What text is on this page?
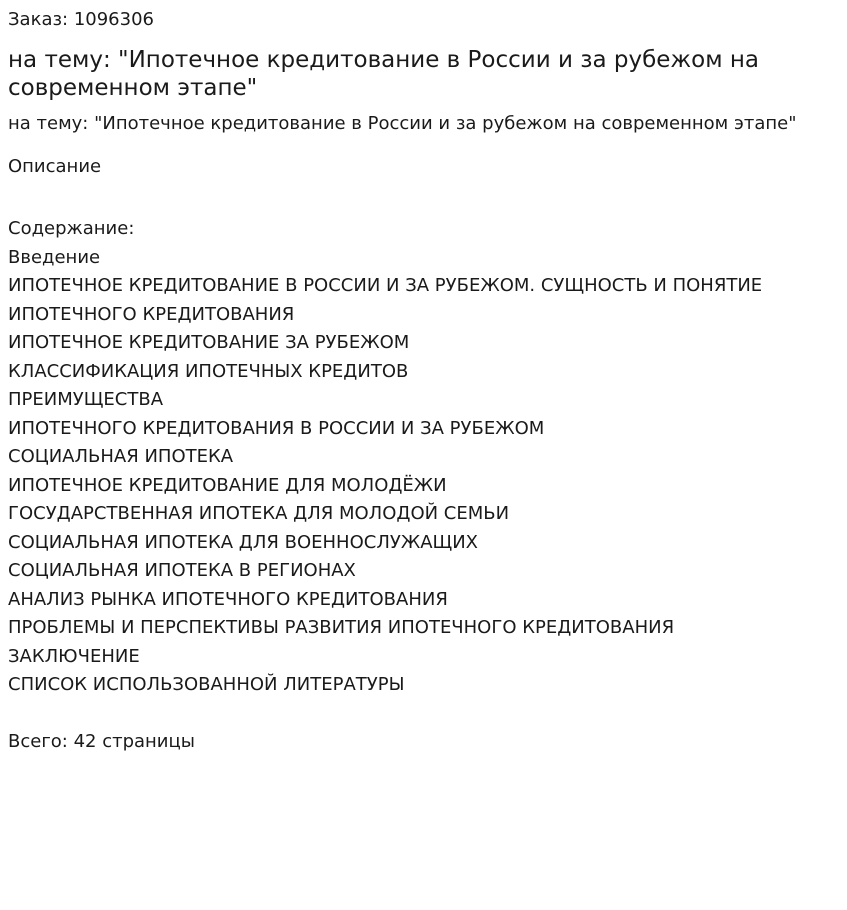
Заказ: 1096306

на тему: "Ипотечное кредитование в России и за рубежом на современном этапе"

на тему: "Ипотечное кредитование в России и за рубежом на современном этапе"

Описание

Содержание:
Введение
ИПОТЕЧНОЕ КРЕДИТОВАНИЕ В РОССИИ И ЗА РУБЕЖОМ. СУЩНОСТЬ И ПОНЯТИЕ ИПОТЕЧНОГО КРЕДИТОВАНИЯ
ИПОТЕЧНОЕ КРЕДИТОВАНИЕ ЗА РУБЕЖОМ
КЛАССИФИКАЦИЯ ИПОТЕЧНЫХ КРЕДИТОВ
ПРЕИМУЩЕСТВА
ИПОТЕЧНОГО КРЕДИТОВАНИЯ В РОССИИ И ЗА РУБЕЖОМ
СОЦИАЛЬНАЯ ИПОТЕКА
ИПОТЕЧНОЕ КРЕДИТОВАНИЕ ДЛЯ МОЛОДЁЖИ
ГОСУДАРСТВЕННАЯ ИПОТЕКА ДЛЯ МОЛОДОЙ СЕМЬИ
СОЦИАЛЬНАЯ ИПОТЕКА ДЛЯ ВОЕННОСЛУЖАЩИХ
СОЦИАЛЬНАЯ ИПОТЕКА В РЕГИОНАХ
АНАЛИЗ РЫНКА ИПОТЕЧНОГО КРЕДИТОВАНИЯ
ПРОБЛЕМЫ И ПЕРСПЕКТИВЫ РАЗВИТИЯ ИПОТЕЧНОГО КРЕДИТОВАНИЯ
ЗАКЛЮЧЕНИЕ
СПИСОК ИСПОЛЬЗОВАННОЙ ЛИТЕРАТУРЫ

Всего: 42 страницы
